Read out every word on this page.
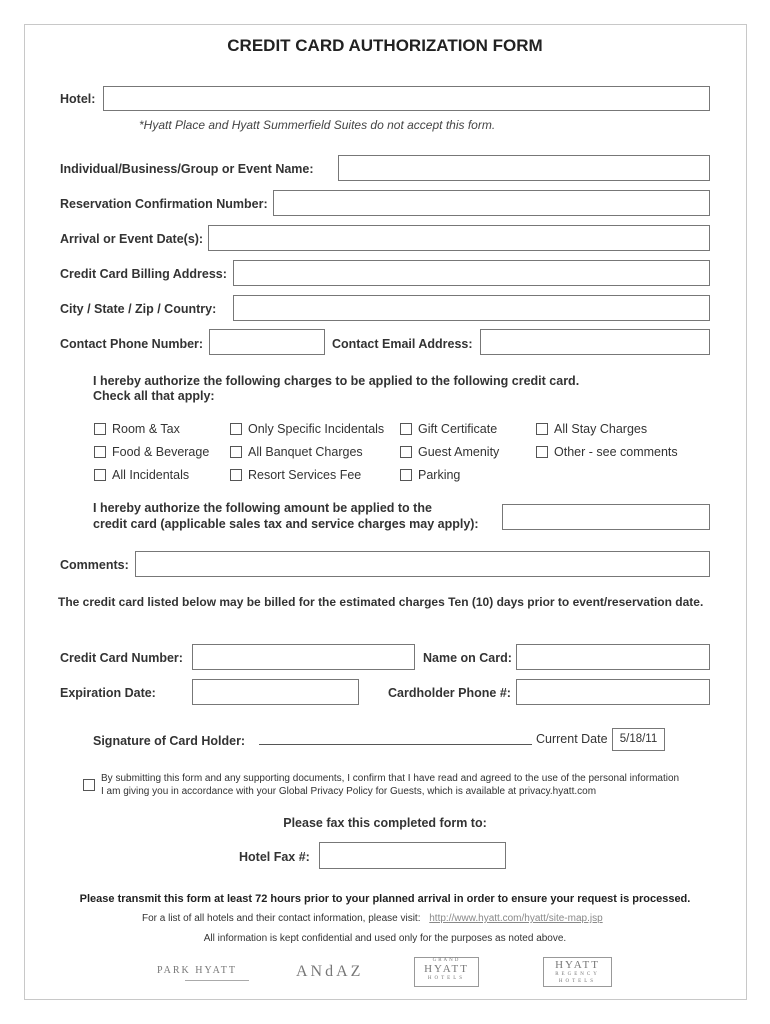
CREDIT CARD AUTHORIZATION FORM
Hotel:
*Hyatt Place and Hyatt Summerfield Suites do not accept this form.
Individual/Business/Group or Event Name:
Reservation Confirmation Number:
Arrival or Event Date(s):
Credit Card Billing Address:
City / State / Zip / Country:
Contact Phone Number:	Contact Email Address:
I hereby authorize the following charges to be applied to the following credit card.
Check all that apply:
Room & Tax	Only Specific Incidentals	Gift Certificate	All Stay Charges
Food & Beverage	All Banquet Charges	Guest Amenity	Other - see comments
All Incidentals	Resort Services Fee	Parking
I hereby authorize the following amount be applied to the
credit card (applicable sales tax and service charges may apply):
Comments:
The credit card listed below may be billed for the estimated charges Ten (10) days prior to event/reservation date.
Credit Card Number:	Name on Card:
Expiration Date:	Cardholder Phone #:
Signature of Card Holder:	Current Date	5/18/11
By submitting this form and any supporting documents, I confirm that I have read and agreed to the use of the personal information
I am giving you in accordance with your Global Privacy Policy for Guests, which is available at privacy.hyatt.com
Please fax this completed form to:
Hotel Fax #:
Please transmit this form at least 72 hours prior to your planned arrival in order to ensure your request is processed.
For a list of all hotels and their contact information, please visit: http://www.hyatt.com/hyatt/site-map.jsp
All information is kept confidential and used only for the purposes as noted above.
PARK HYATT	ANdAZ
GRAND
HYATT
HOTELS
HYATT
REGENCY
HOTELS
